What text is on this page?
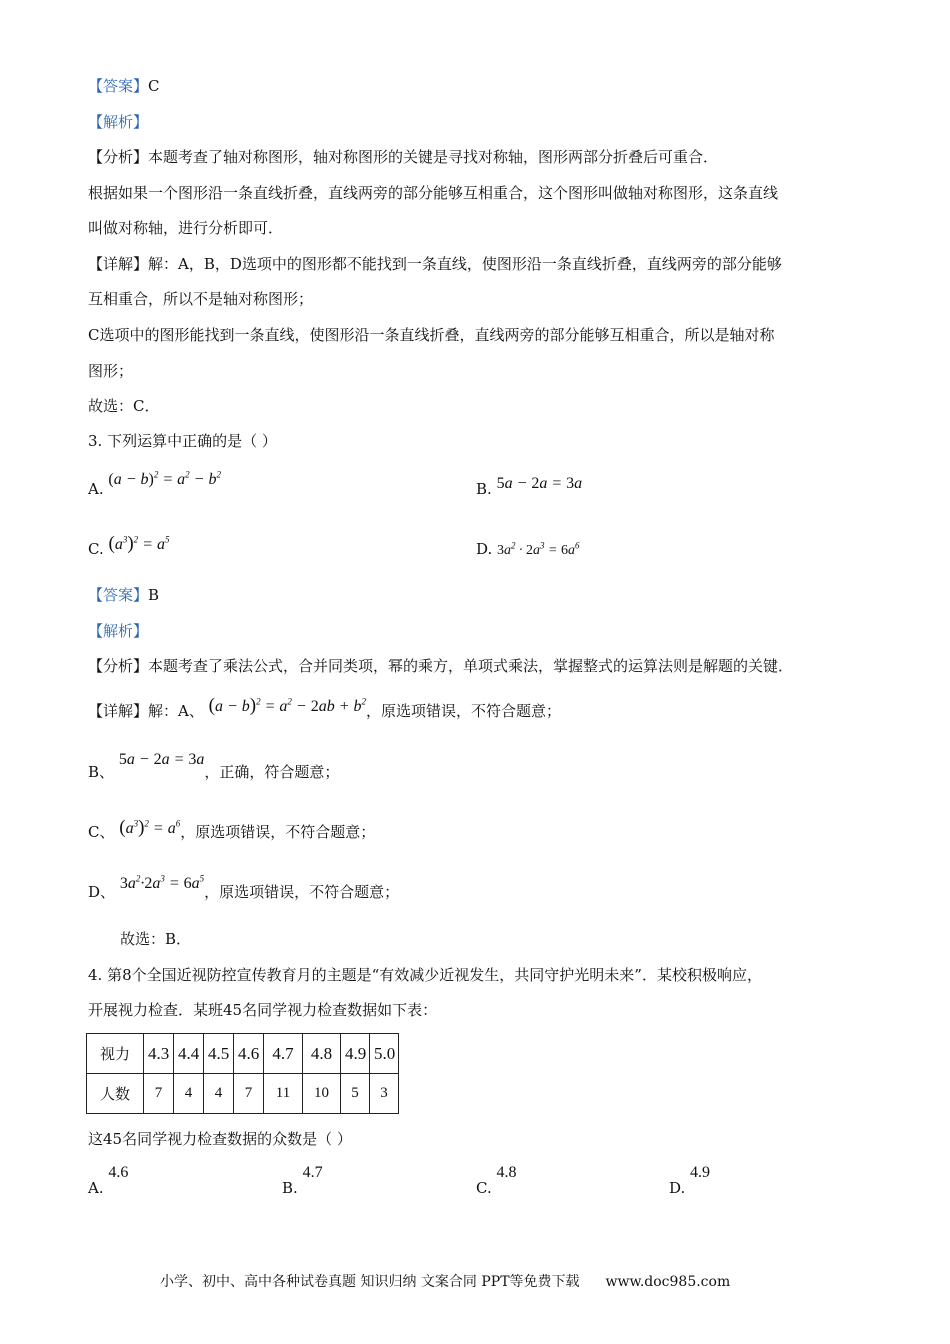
【答案】C
【解析】
【分析】本题考查了轴对称图形，轴对称图形的关键是寻找对称轴，图形两部分折叠后可重合．
根据如果一个图形沿一条直线折叠，直线两旁的部分能够互相重合，这个图形叫做轴对称图形，这条直线
叫做对称轴，进行分析即可．
【详解】解：A，B，D选项中的图形都不能找到一条直线，使图形沿一条直线折叠，直线两旁的部分能够
互相重合，所以不是轴对称图形；
C选项中的图形能找到一条直线，使图形沿一条直线折叠，直线两旁的部分能够互相重合，所以是轴对称
图形；
故选：C．
3. 下列运算中正确的是（ ）
A. $(a - b)^2 = a^2 - b^2$
B. 5a − 2a = 3a
C. $(a^3)^2 = a^5$
D. $3a^2 \cdot 2a^3 = 6a^6$
【答案】B
【解析】
【分析】本题考查了乘法公式，合并同类项，幂的乘方，单项式乘法，掌握整式的运算法则是解题的关键．
【详解】解：A、 $(a - b)^2 = a^2 - 2ab + b^2$，原选项错误，不符合题意；
B、 5a − 2a = 3a，正确，符合题意；
C、 $(a^3)^2 = a^6$，原选项错误，不符合题意；
D、 $3a^2\cdot 2a^3 = 6a^5$，原选项错误，不符合题意；
故选：B．
4. 第8个全国近视防控宣传教育月的主题是“有效减少近视发生，共同守护光明未来”．某校积极响应，
开展视力检查．某班45名同学视力检查数据如下表：
视力	4.3	4.4	4.5	4.6	4.7	4.8	4.9	5.0
人数	7	4	4	7	11	10	5	3
这45名同学视力检查数据的众数是（ ）
A. 4.6
B. 4.7
C. 4.8
D. 4.9
小学、初中、高中各种试卷真题 知识归纳 文案合同 PPT等免费下载 www.doc985.com
